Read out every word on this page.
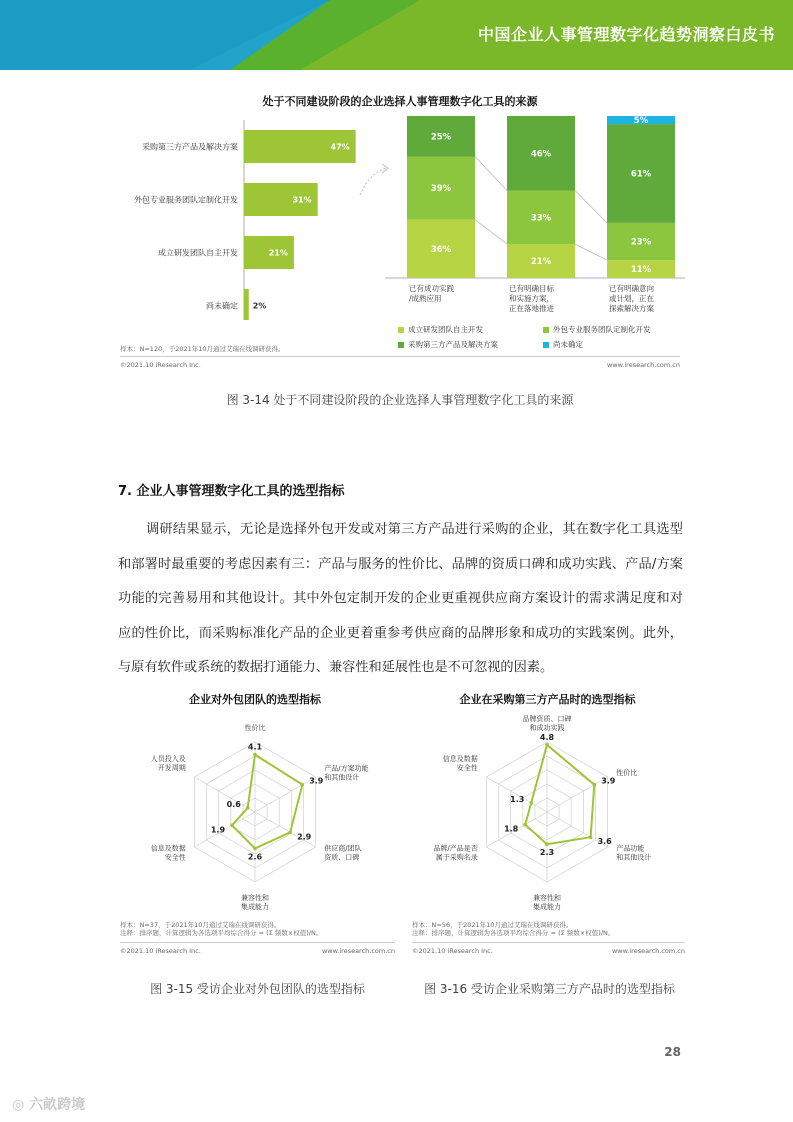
中国企业人事管理数字化趋势洞察白皮书
处于不同建设阶段的企业选择人事管理数字化工具的来源
采购第三方产品及解决方案	47%
外包专业服务团队定制化开发	31%
成立研发团队自主开发	21%
尚未确定 2%
36%
39%
25%
21%
33%
46%
11%
23%
61%
5%
已有成功实践
/成熟应用
已有明确目标
和实施方案，
正在落地推进
已有明确意向
或计划，正在
探索解决方案
成立研发团队自主开发	外包专业服务团队定制化开发
采购第三方产品及解决方案	尚未确定
样本：N=120，于2021年10月通过艾瑞在线调研获得。
©2021.10 iResearch Inc.	www.iresearch.com.cn
图 3-14 处于不同建设阶段的企业选择人事管理数字化工具的来源
7. 企业人事管理数字化工具的选型指标

调研结果显示，无论是选择外包开发或对第三方产品进行采购的企业，其在数字化工具选型和部署时最重要的考虑因素有三：产品与服务的性价比、品牌的资质口碑和成功实践、产品/方案功能的完善易用和其他设计。其中外包定制开发的企业更重视供应商方案设计的需求满足度和对应的性价比，而采购标准化产品的企业更着重参考供应商的品牌形象和成功的实践案例。此外，与原有软件或系统的数据打通能力、兼容性和延展性也是不可忽视的因素。

企业对外包团队的选型指标
4.1
3.9
2.9
2.6
1.9
0.6
性价比
产品/方案功能
和其他设计
供应商/团队
资质、口碑
兼容性和
集成能力
信息及数据
安全性
人员投入及
开发周期
样本：N=37，于2021年10月通过艾瑞在线调研获得。
注释：排序题，计算逻辑为各选项平均综合得分 = (Σ 频数×权值)/N。
©2021.10 iResearch Inc.	www.iresearch.com.cn
图 3-15 受访企业对外包团队的选型指标
企业在采购第三方产品时的选型指标
4.8
3.9
3.6
2.3
1.8
1.3
品牌资质、口碑
和成功实践
性价比
产品功能
和其他设计
兼容性和
集成能力
品牌/产品是否
属于采购名录
信息及数据
安全性
样本：N=56，于2021年10月通过艾瑞在线调研获得。
注释：排序题，计算逻辑为各选项平均综合得分 = (Σ 频数×权值)/N。
©2021.10 iResearch Inc.	www.iresearch.com.cn
图 3-16 受访企业采购第三方产品时的选型指标
28
◎ 六畝跨境
